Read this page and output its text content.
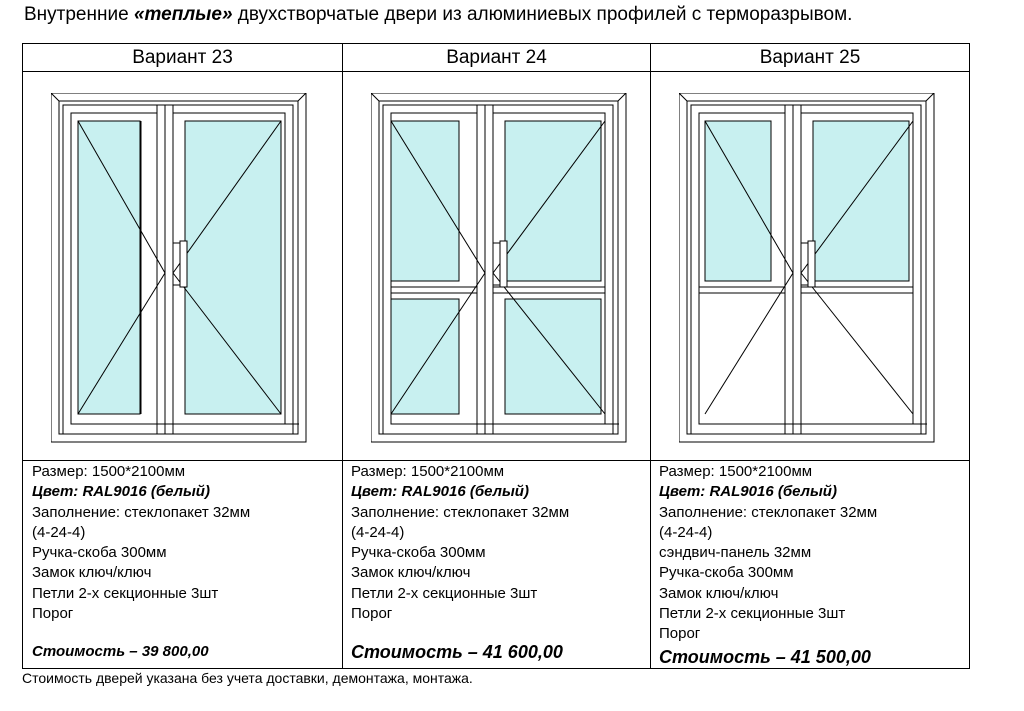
Внутренние «теплые» двухстворчатые двери из алюминиевых профилей с терморазрывом.
Вариант 23	Вариант 24	Вариант 25
Размер: 1500*2100мм
Цвет: RAL9016 (белый)
Заполнение: стеклопакет 32мм
(4-24-4)
Ручка-скоба 300мм
Замок ключ/ключ
Петли 2-х секционные 3шт
Порог
Стоимость – 39 800,00
Размер: 1500*2100мм
Цвет: RAL9016 (белый)
Заполнение: стеклопакет 32мм
(4-24-4)
Ручка-скоба 300мм
Замок ключ/ключ
Петли 2-х секционные 3шт
Порог
Стоимость – 41 600,00
Размер: 1500*2100мм
Цвет: RAL9016 (белый)
Заполнение: стеклопакет 32мм
(4-24-4)
сэндвич-панель 32мм
Ручка-скоба 300мм
Замок ключ/ключ
Петли 2-х секционные 3шт
Порог
Стоимость – 41 500,00
Стоимость дверей указана без учета доставки, демонтажа, монтажа.
